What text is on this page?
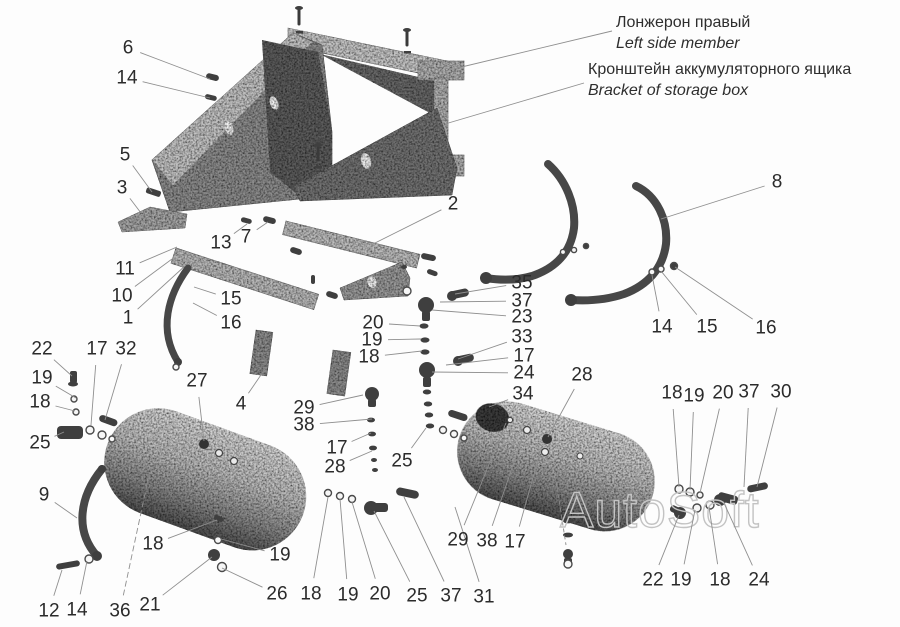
AutoSoft
6
14
5
3
13 7
11
10
1
15
16
2
22 17 32
19
18
25
27
4 29
38
20
19
18
17
28 25
35
37
23
33
17
24
34
28
8
14 15 16
18 19 20 37 30
22 19 18 24
29 38 17
18 19 20 25 37 31
9
12 14 36 21
26
18
19
Лонжерон правый
Left side member
Кронштейн аккумуляторного ящика
Bracket of storage box
